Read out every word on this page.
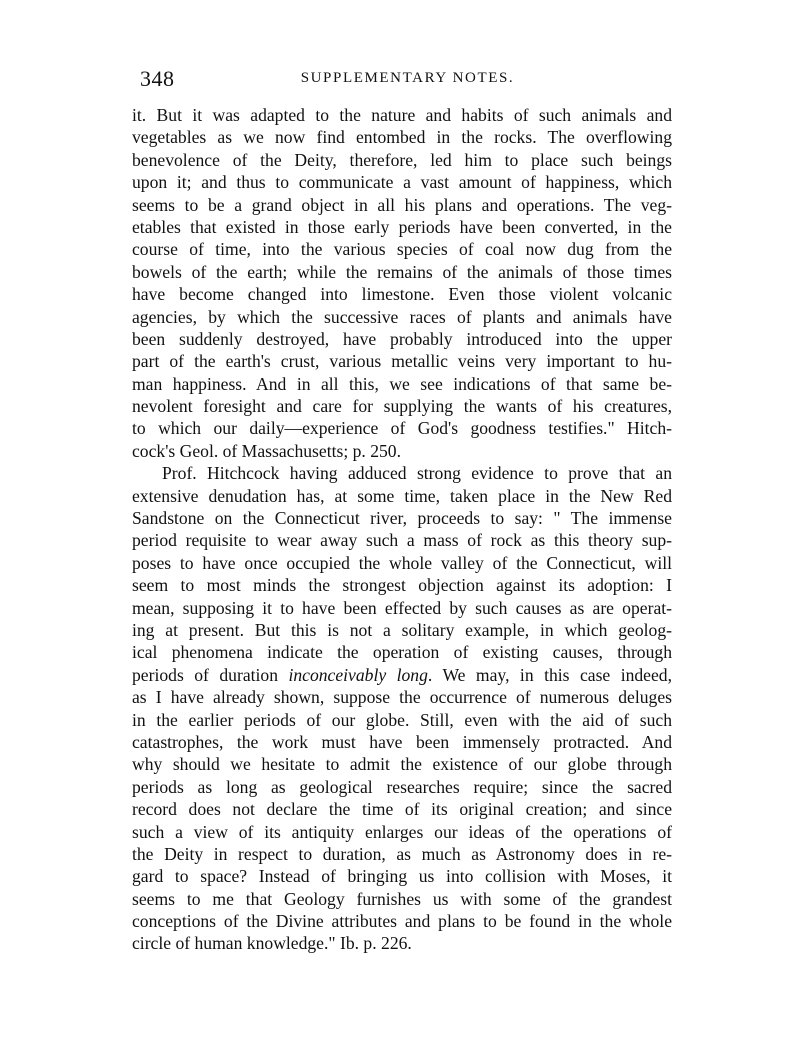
348	SUPPLEMENTARY NOTES.
it. But it was adapted to the nature and habits of such animals and
vegetables as we now find entombed in the rocks. The overflowing
benevolence of the Deity, therefore, led him to place such beings
upon it; and thus to communicate a vast amount of happiness, which
seems to be a grand object in all his plans and operations. The veg-
etables that existed in those early periods have been converted, in the
course of time, into the various species of coal now dug from the
bowels of the earth; while the remains of the animals of those times
have become changed into limestone. Even those violent volcanic
agencies, by which the successive races of plants and animals have
been suddenly destroyed, have probably introduced into the upper
part of the earth's crust, various metallic veins very important to hu-
man happiness. And in all this, we see indications of that same be-
nevolent foresight and care for supplying the wants of his creatures,
to which our daily—experience of God's goodness testifies." Hitch-
cock's Geol. of Massachusetts; p. 250.
Prof. Hitchcock having adduced strong evidence to prove that an
extensive denudation has, at some time, taken place in the New Red
Sandstone on the Connecticut river, proceeds to say: " The immense
period requisite to wear away such a mass of rock as this theory sup-
poses to have once occupied the whole valley of the Connecticut, will
seem to most minds the strongest objection against its adoption: I
mean, supposing it to have been effected by such causes as are operat-
ing at present. But this is not a solitary example, in which geolog-
ical phenomena indicate the operation of existing causes, through
periods of duration inconceivably long. We may, in this case indeed,
as I have already shown, suppose the occurrence of numerous deluges
in the earlier periods of our globe. Still, even with the aid of such
catastrophes, the work must have been immensely protracted. And
why should we hesitate to admit the existence of our globe through
periods as long as geological researches require; since the sacred
record does not declare the time of its original creation; and since
such a view of its antiquity enlarges our ideas of the operations of
the Deity in respect to duration, as much as Astronomy does in re-
gard to space? Instead of bringing us into collision with Moses, it
seems to me that Geology furnishes us with some of the grandest
conceptions of the Divine attributes and plans to be found in the whole
circle of human knowledge." Ib. p. 226.
